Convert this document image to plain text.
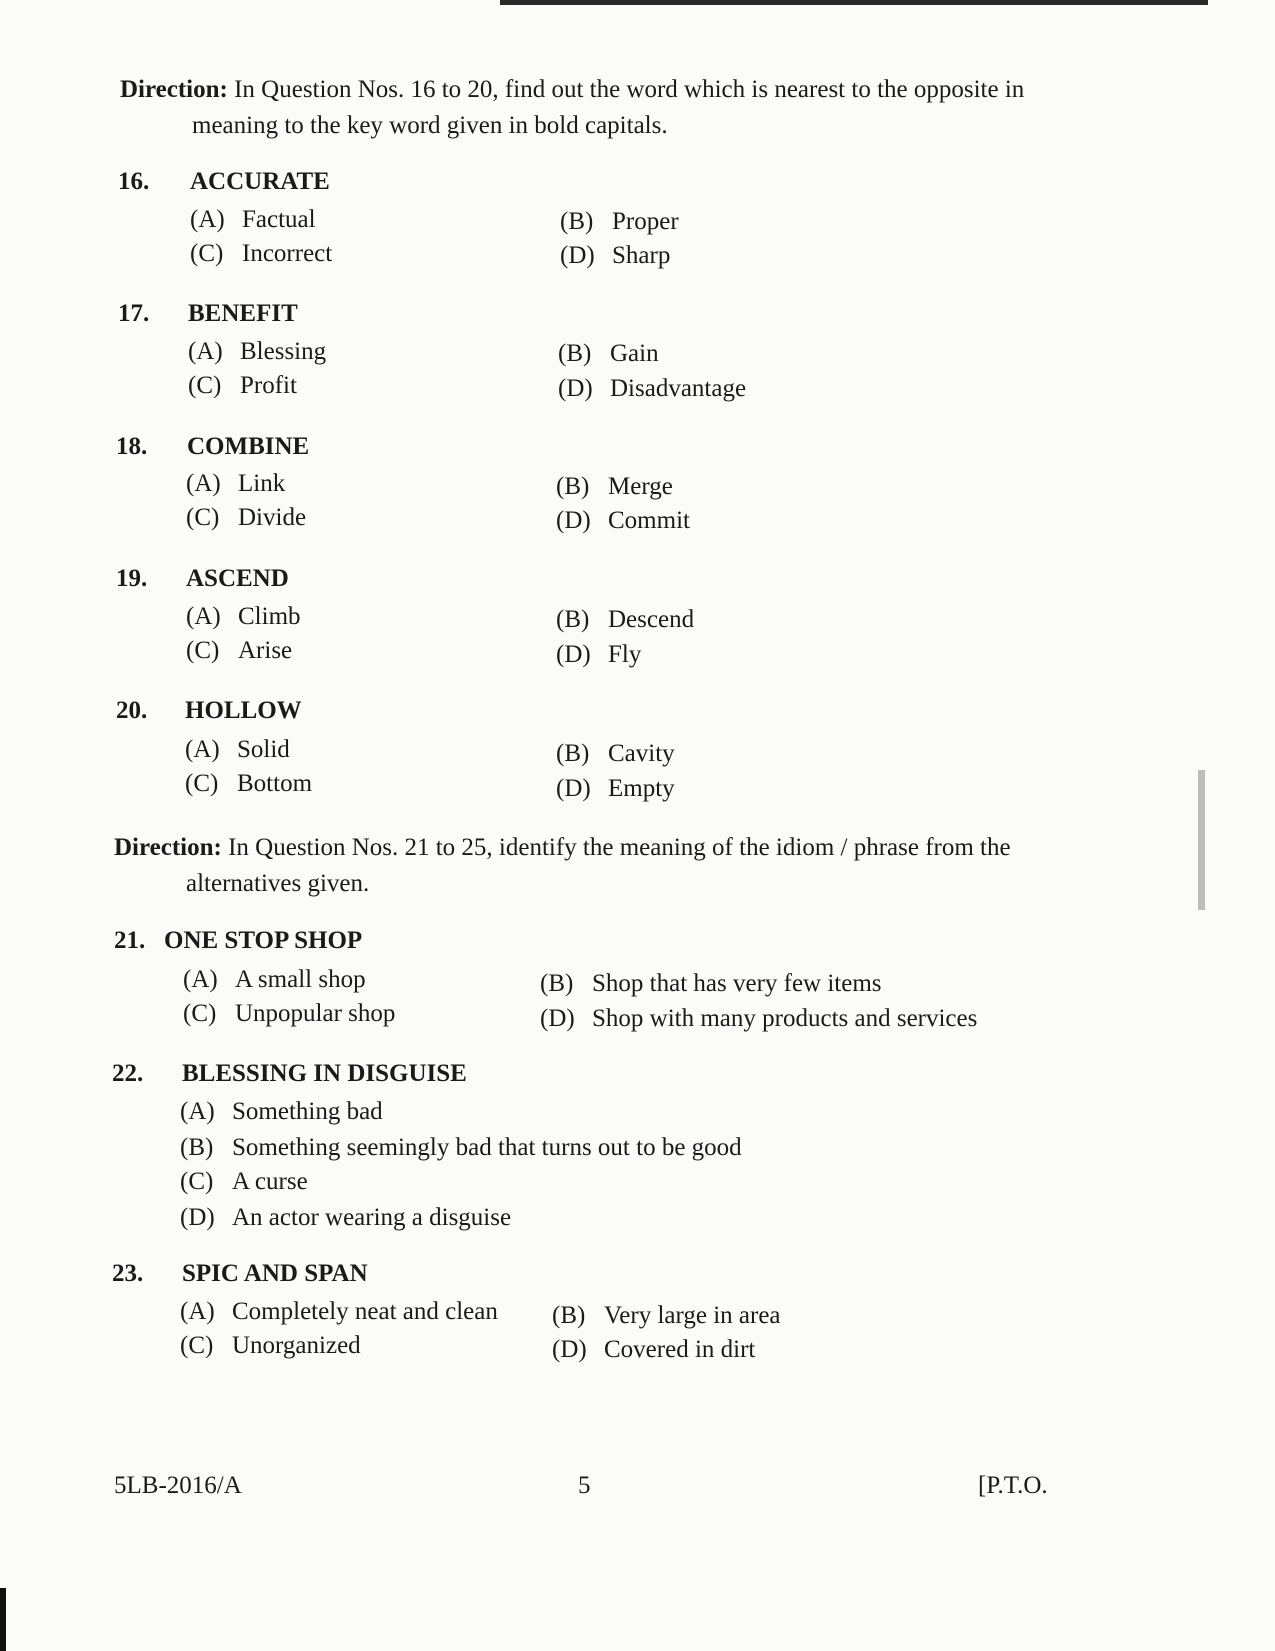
Direction: In Question Nos. 16 to 20, find out the word which is nearest to the opposite in meaning to the key word given in bold capitals.
16. ACCURATE
(A) Factual	(B) Proper
(C) Incorrect	(D) Sharp
17. BENEFIT
(A) Blessing	(B) Gain
(C) Profit	(D) Disadvantage
18. COMBINE
(A) Link	(B) Merge
(C) Divide	(D) Commit
19. ASCEND
(A) Climb	(B) Descend
(C) Arise	(D) Fly
20. HOLLOW
(A) Solid	(B) Cavity
(C) Bottom	(D) Empty
Direction: In Question Nos. 21 to 25, identify the meaning of the idiom / phrase from the alternatives given.
21. ONE STOP SHOP
(A) A small shop	(B) Shop that has very few items
(C) Unpopular shop	(D) Shop with many products and services
22. BLESSING IN DISGUISE
(A) Something bad
(B) Something seemingly bad that turns out to be good
(C) A curse
(D) An actor wearing a disguise
23. SPIC AND SPAN
(A) Completely neat and clean (B) Very large in area
(C) Unorganized	(D) Covered in dirt
5LB-2016/A	5	[P.T.O.
